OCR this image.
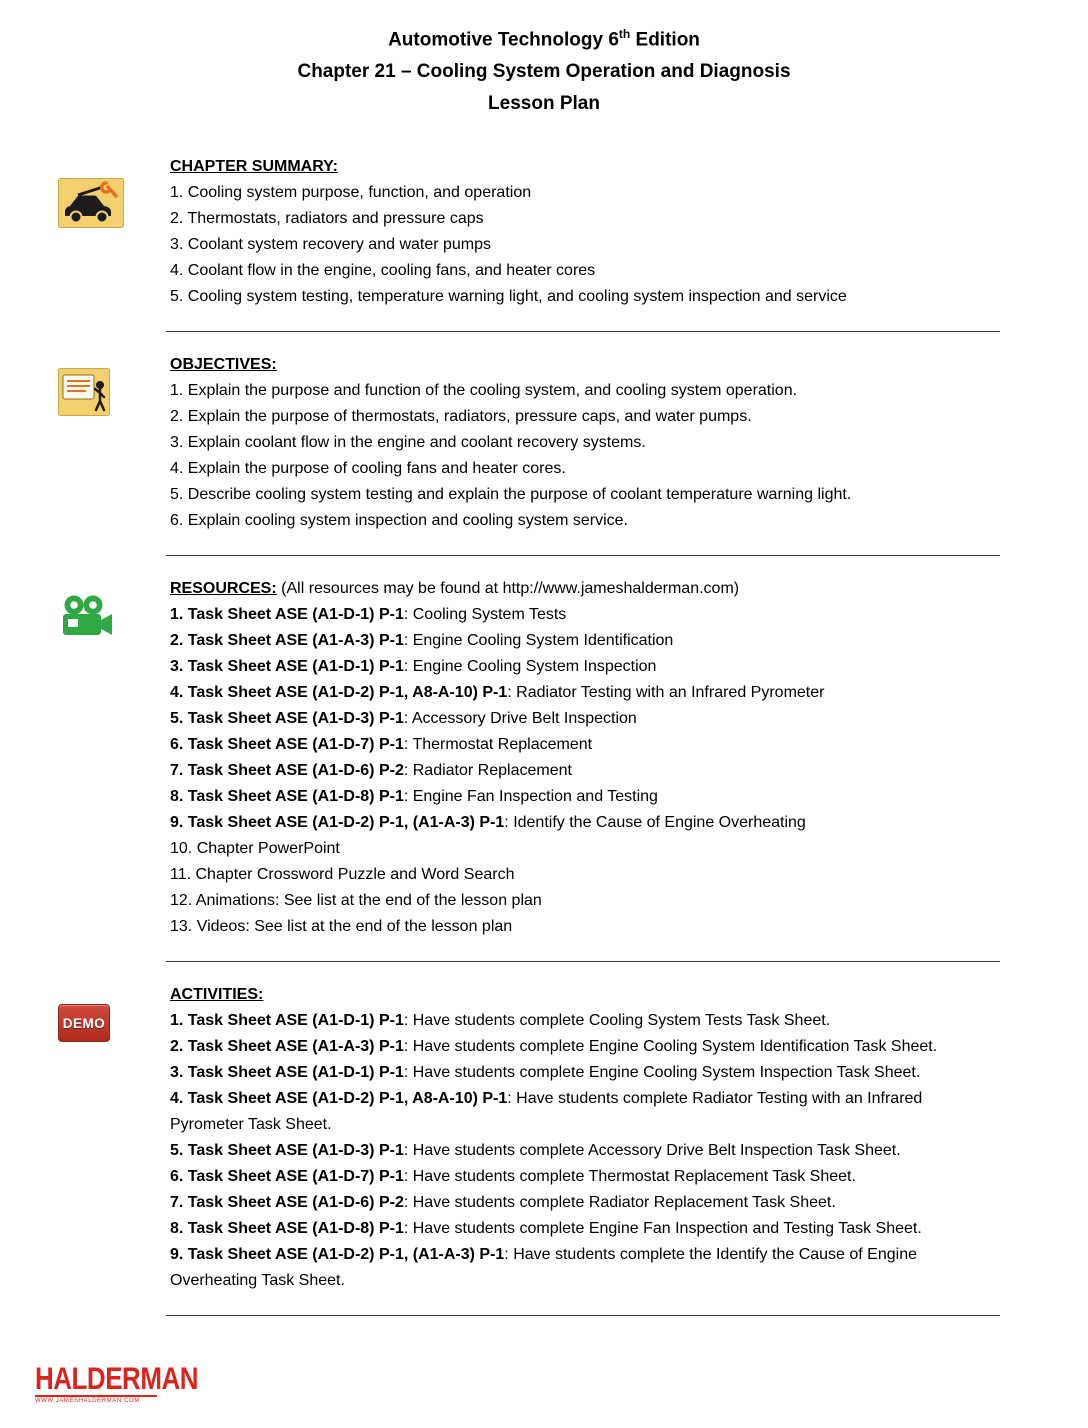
Automotive Technology 6th Edition
Chapter 21 – Cooling System Operation and Diagnosis
Lesson Plan
CHAPTER SUMMARY:
1. Cooling system purpose, function, and operation
2. Thermostats, radiators and pressure caps
3. Coolant system recovery and water pumps
4. Coolant flow in the engine, cooling fans, and heater cores
5. Cooling system testing, temperature warning light, and cooling system inspection and service
OBJECTIVES:
1. Explain the purpose and function of the cooling system, and cooling system operation.
2. Explain the purpose of thermostats, radiators, pressure caps, and water pumps.
3. Explain coolant flow in the engine and coolant recovery systems.
4. Explain the purpose of cooling fans and heater cores.
5. Describe cooling system testing and explain the purpose of coolant temperature warning light.
6. Explain cooling system inspection and cooling system service.
RESOURCES: (All resources may be found at http://www.jameshalderman.com)
1. Task Sheet ASE (A1-D-1) P-1: Cooling System Tests
2. Task Sheet ASE (A1-A-3) P-1: Engine Cooling System Identification
3. Task Sheet ASE (A1-D-1) P-1: Engine Cooling System Inspection
4. Task Sheet ASE (A1-D-2) P-1, A8-A-10) P-1: Radiator Testing with an Infrared Pyrometer
5. Task Sheet ASE (A1-D-3) P-1: Accessory Drive Belt Inspection
6. Task Sheet ASE (A1-D-7) P-1: Thermostat Replacement
7. Task Sheet ASE (A1-D-6) P-2: Radiator Replacement
8. Task Sheet ASE (A1-D-8) P-1: Engine Fan Inspection and Testing
9. Task Sheet ASE (A1-D-2) P-1, (A1-A-3) P-1: Identify the Cause of Engine Overheating
10. Chapter PowerPoint
11. Chapter Crossword Puzzle and Word Search
12. Animations: See list at the end of the lesson plan
13. Videos: See list at the end of the lesson plan
DEMO
ACTIVITIES:
1. Task Sheet ASE (A1-D-1) P-1: Have students complete Cooling System Tests Task Sheet.
2. Task Sheet ASE (A1-A-3) P-1: Have students complete Engine Cooling System Identification Task Sheet.
3. Task Sheet ASE (A1-D-1) P-1: Have students complete Engine Cooling System Inspection Task Sheet.
4. Task Sheet ASE (A1-D-2) P-1, A8-A-10) P-1: Have students complete Radiator Testing with an Infrared Pyrometer Task Sheet.
5. Task Sheet ASE (A1-D-3) P-1: Have students complete Accessory Drive Belt Inspection Task Sheet.
6. Task Sheet ASE (A1-D-7) P-1: Have students complete Thermostat Replacement Task Sheet.
7. Task Sheet ASE (A1-D-6) P-2: Have students complete Radiator Replacement Task Sheet.
8. Task Sheet ASE (A1-D-8) P-1: Have students complete Engine Fan Inspection and Testing Task Sheet.
9. Task Sheet ASE (A1-D-2) P-1, (A1-A-3) P-1: Have students complete the Identify the Cause of Engine Overheating Task Sheet.
HALDERMAN
WWW.JAMESHALDERMAN.COM
